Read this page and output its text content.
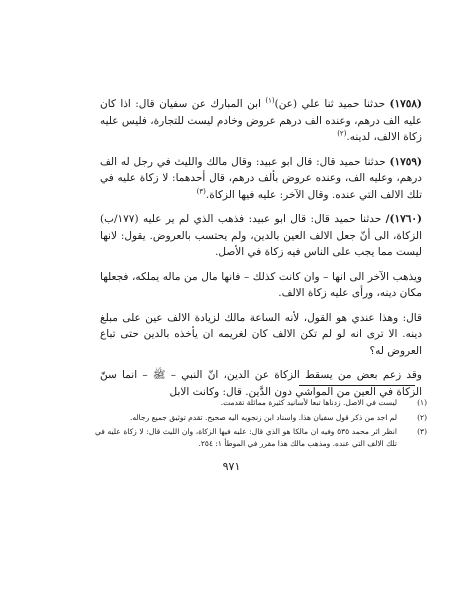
(١٧٥٨) حدثنا حميد ثنا علي (عن)$^{(١)}$ ابن المبارك عن سفيان قال: اذا كان عليه الف درهم، وعنده الف درهم عروض وخادم ليست للتجارة، فليس عليه زكاة الالف، لدينه.$^{(٢)}$

(١٧٥٩) حدثنا حميد قال: قال ابو عبيد: وقال مالك والليث في رجل له الف درهم، وعليه الف، وعنده عروض بألف درهم، قال أحدهما: لا زكاة عليه في تلك الالف التي عنده. وقال الآخر: عليه فيها الزكاة.$^{(٣)}$

(١٧٦٠)/ حدثنا حميد قال: قال ابو عبيد: فذهب الذي لم ير عليه (١٧٧/ب) الزكاة، الى أنّ جعل الالف العين بالدين، ولم يحتسب بالعروض. يقول: لانها ليست مما يجب على الناس فيه زكاة في الأصل.

ويذهب الآخر الى انها – وان كانت كذلك – فانها مال من ماله يملكه، فجعلها مكان دينه، ورأى عليه زكاة الالف.

قال: وهذا عندي هو القول، لأنه الساعة مالك لزيادة الالف عين على مبلغ دينه. الا ترى انه لو لم تكن الالف كان لغريمه ان يأخذه بالدين حتى تباع العروض له؟

وقد زعم بعض من يسقط الزكاة عن الدين، انّ النبي – ﷺ – انما سنّ الزكاة في العين من المواشي دون الدَّين. قال: وكانت الابل

(١)
ليست في الاصل. زدناها تبعا لأسانيد كثيرة مماثلة تقدمت.
(٢)
لم اجد من ذكر قول سفيان هذا. واسناد ابن زنجويه اليه صحيح. تقدم توثيق جميع رجاله.
(٣)
انظر اثر محمد ٥٣٥ وفيه ان مالكا هو الذي قال: عليه فيها الزكاة، وان الليث قال: لا زكاة عليه في تلك الالف التي عنده. ومذهب مالك هذا مقرر في الموطأ ١: ٢٥٤.
٩٧١
